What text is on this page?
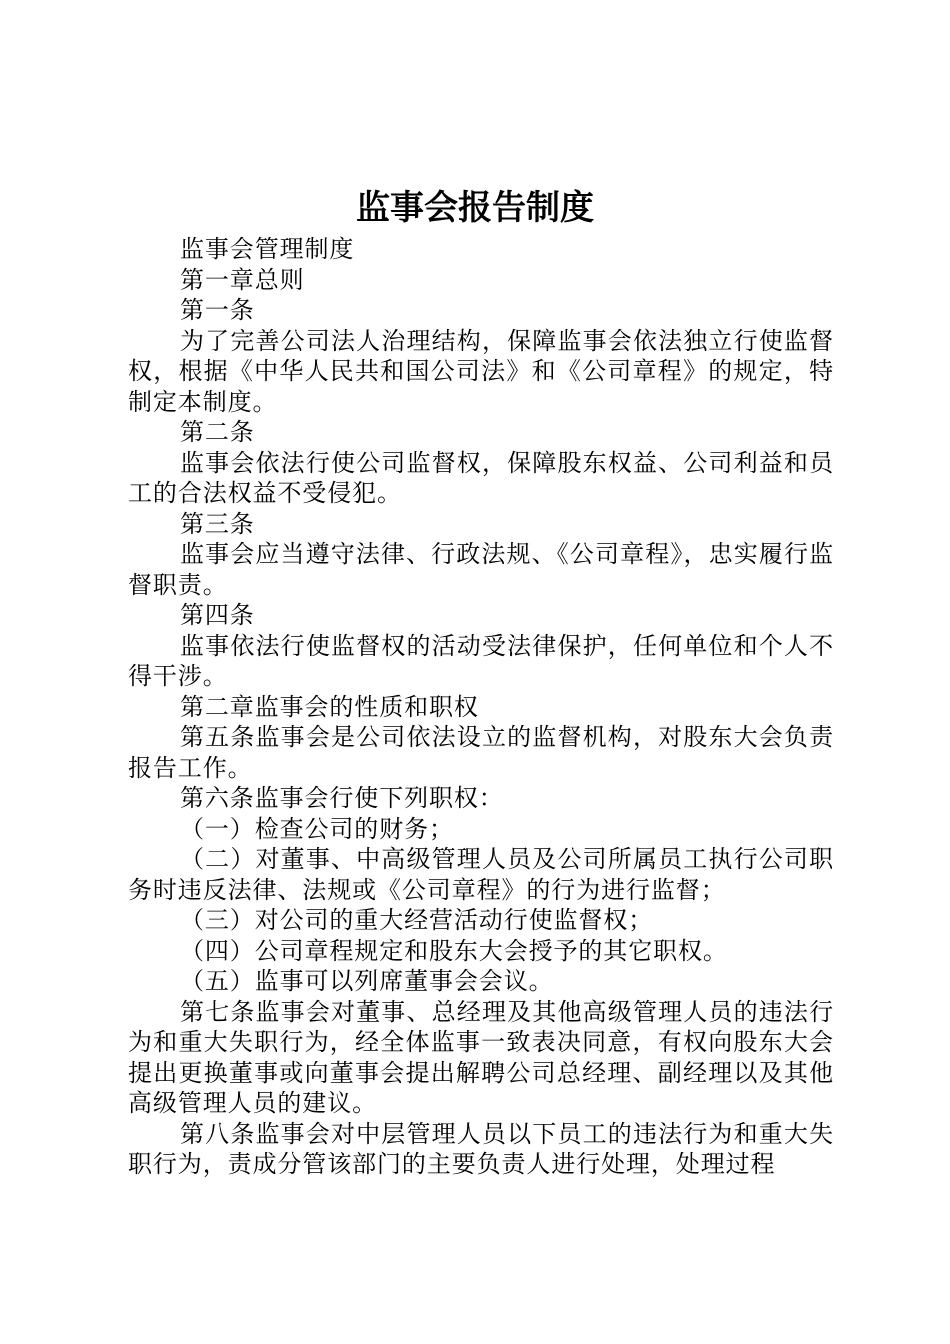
监事会报告制度

监事会管理制度

第一章总则

第一条

为了完善公司法人治理结构，保障监事会依法独立行使监督权，根据《中华人民共和国公司法》和《公司章程》的规定，特制定本制度。

第二条

监事会依法行使公司监督权，保障股东权益、公司利益和员工的合法权益不受侵犯。

第三条

监事会应当遵守法律、行政法规、《公司章程》，忠实履行监督职责。

第四条

监事依法行使监督权的活动受法律保护，任何单位和个人不得干涉。

第二章监事会的性质和职权

第五条监事会是公司依法设立的监督机构，对股东大会负责报告工作。

第六条监事会行使下列职权：

（一）检查公司的财务；

（二）对董事、中高级管理人员及公司所属员工执行公司职务时违反法律、法规或《公司章程》的行为进行监督；

（三）对公司的重大经营活动行使监督权；

（四）公司章程规定和股东大会授予的其它职权。

（五）监事可以列席董事会会议。

第七条监事会对董事、总经理及其他高级管理人员的违法行为和重大失职行为，经全体监事一致表决同意，有权向股东大会提出更换董事或向董事会提出解聘公司总经理、副经理以及其他高级管理人员的建议。

第八条监事会对中层管理人员以下员工的违法行为和重大失职行为，责成分管该部门的主要负责人进行处理，处理过程
